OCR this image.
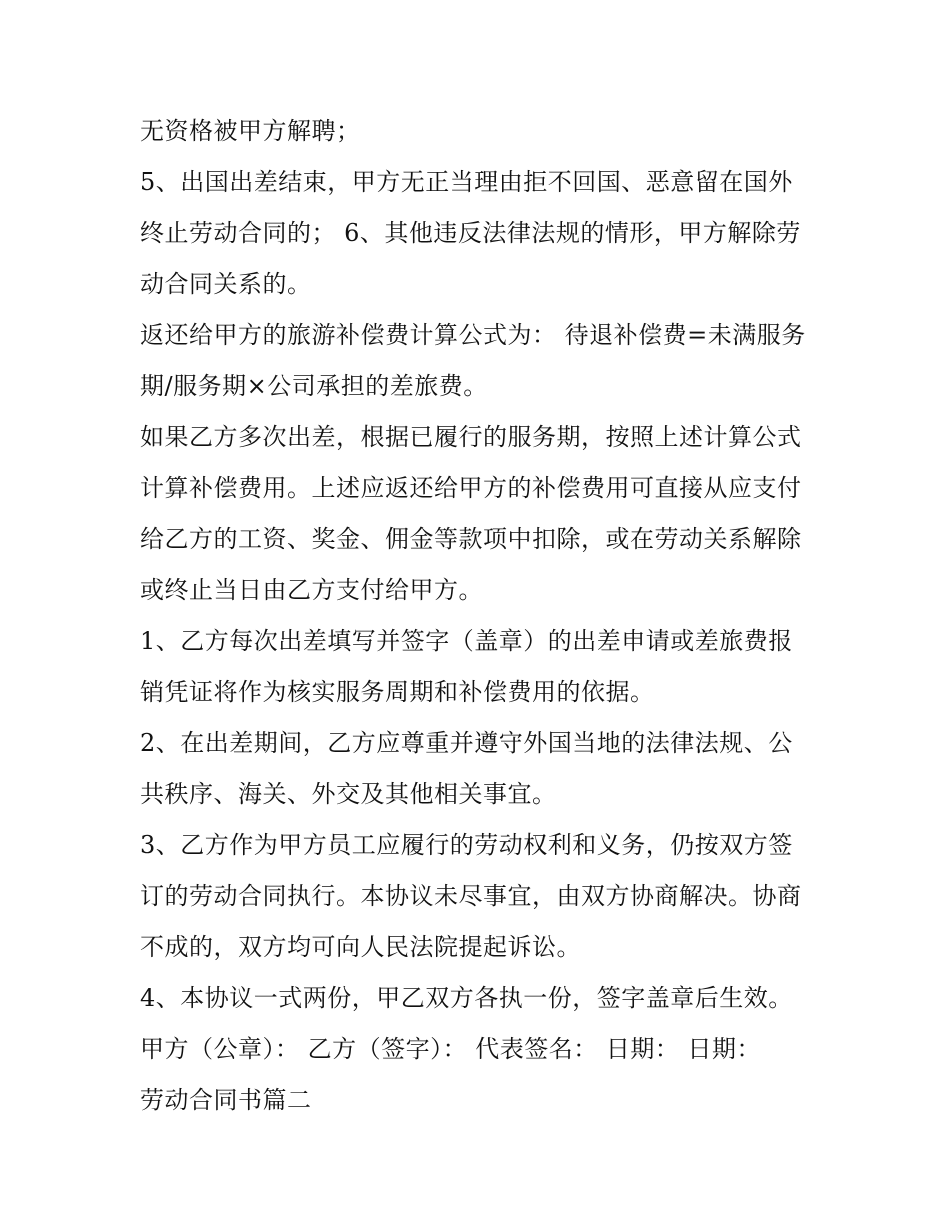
无资格被甲方解聘；
5、出国出差结束，甲方无正当理由拒不回国、恶意留在国外
终止劳动合同的； 6、其他违反法律法规的情形，甲方解除劳
动合同关系的。
返还给甲方的旅游补偿费计算公式为： 待退补偿费=未满服务
期/服务期×公司承担的差旅费。
如果乙方多次出差，根据已履行的服务期，按照上述计算公式
计算补偿费用。上述应返还给甲方的补偿费用可直接从应支付
给乙方的工资、奖金、佣金等款项中扣除，或在劳动关系解除
或终止当日由乙方支付给甲方。
1、乙方每次出差填写并签字（盖章）的出差申请或差旅费报
销凭证将作为核实服务周期和补偿费用的依据。
2、在出差期间，乙方应尊重并遵守外国当地的法律法规、公
共秩序、海关、外交及其他相关事宜。
3、乙方作为甲方员工应履行的劳动权利和义务，仍按双方签
订的劳动合同执行。本协议未尽事宜，由双方协商解决。协商
不成的，双方均可向人民法院提起诉讼。
4、本协议一式两份，甲乙双方各执一份，签字盖章后生效。
甲方（公章）： 乙方（签字）： 代表签名： 日期： 日期：
劳动合同书篇二
